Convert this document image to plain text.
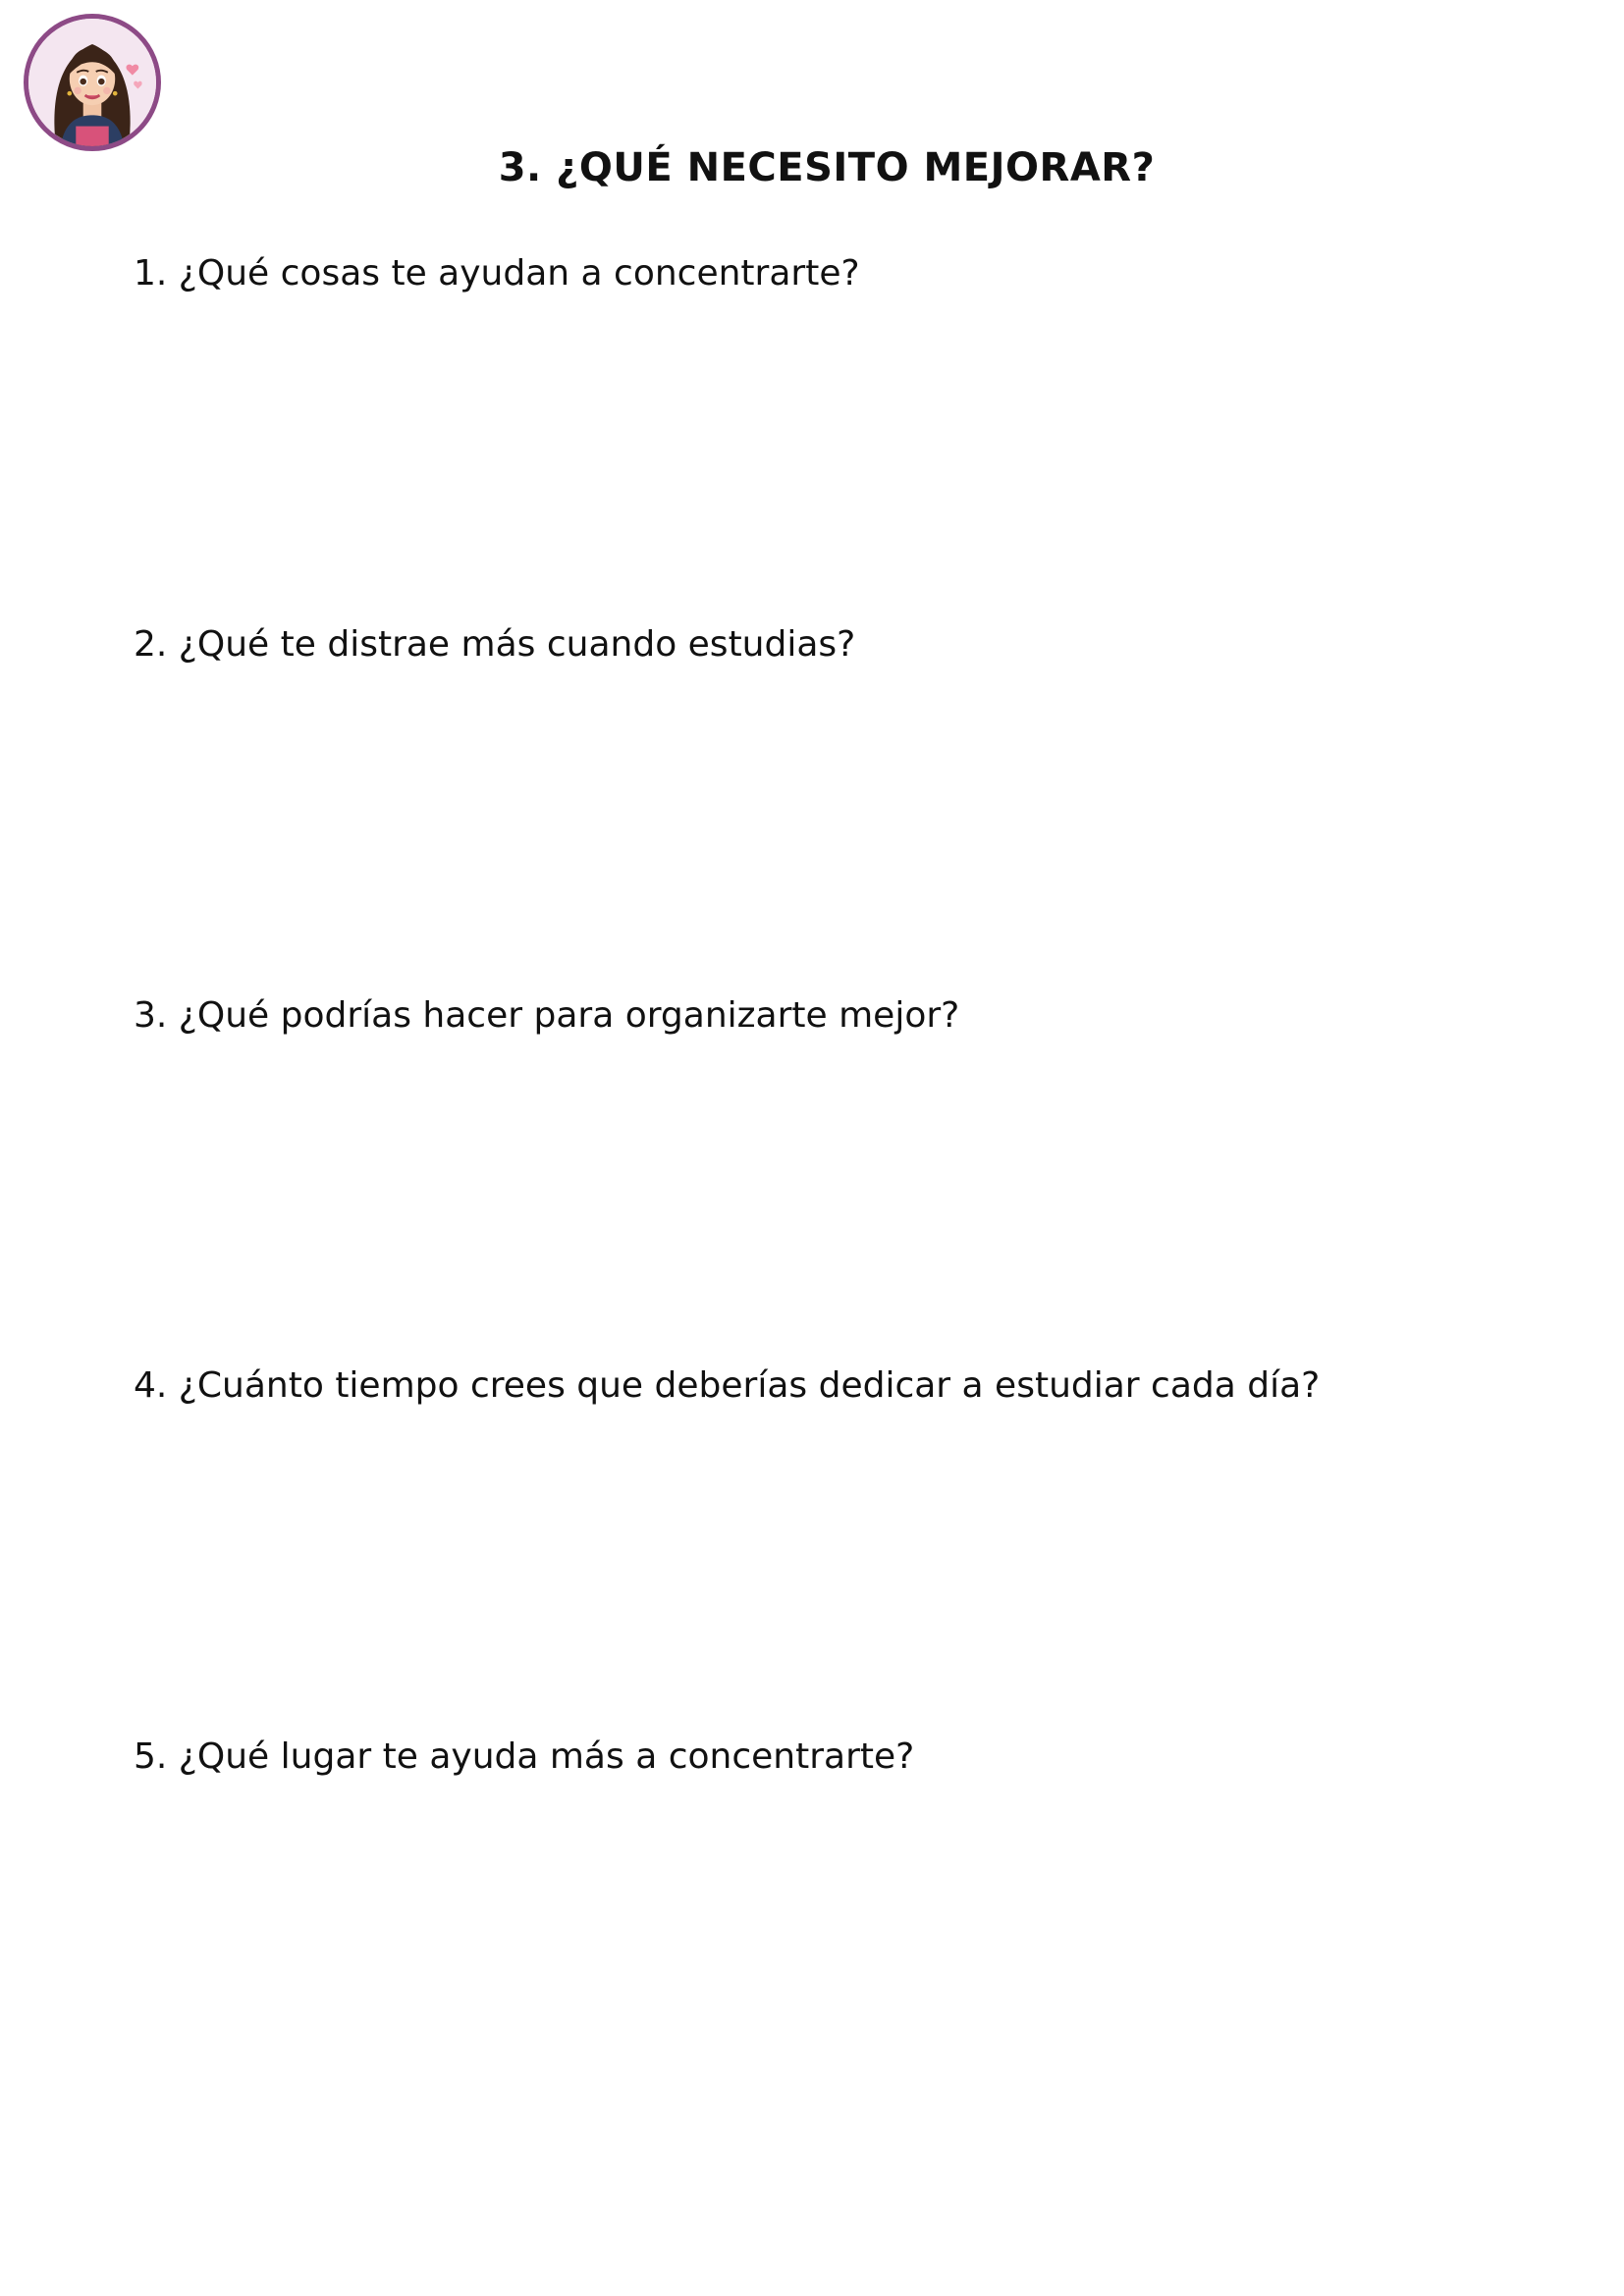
3. ¿QUÉ NECESITO MEJORAR?
1. ¿Qué cosas te ayudan a concentrarte?
2. ¿Qué te distrae más cuando estudias?
3. ¿Qué podrías hacer para organizarte mejor?
4. ¿Cuánto tiempo crees que deberías dedicar a estudiar cada día?
5. ¿Qué lugar te ayuda más a concentrarte?
